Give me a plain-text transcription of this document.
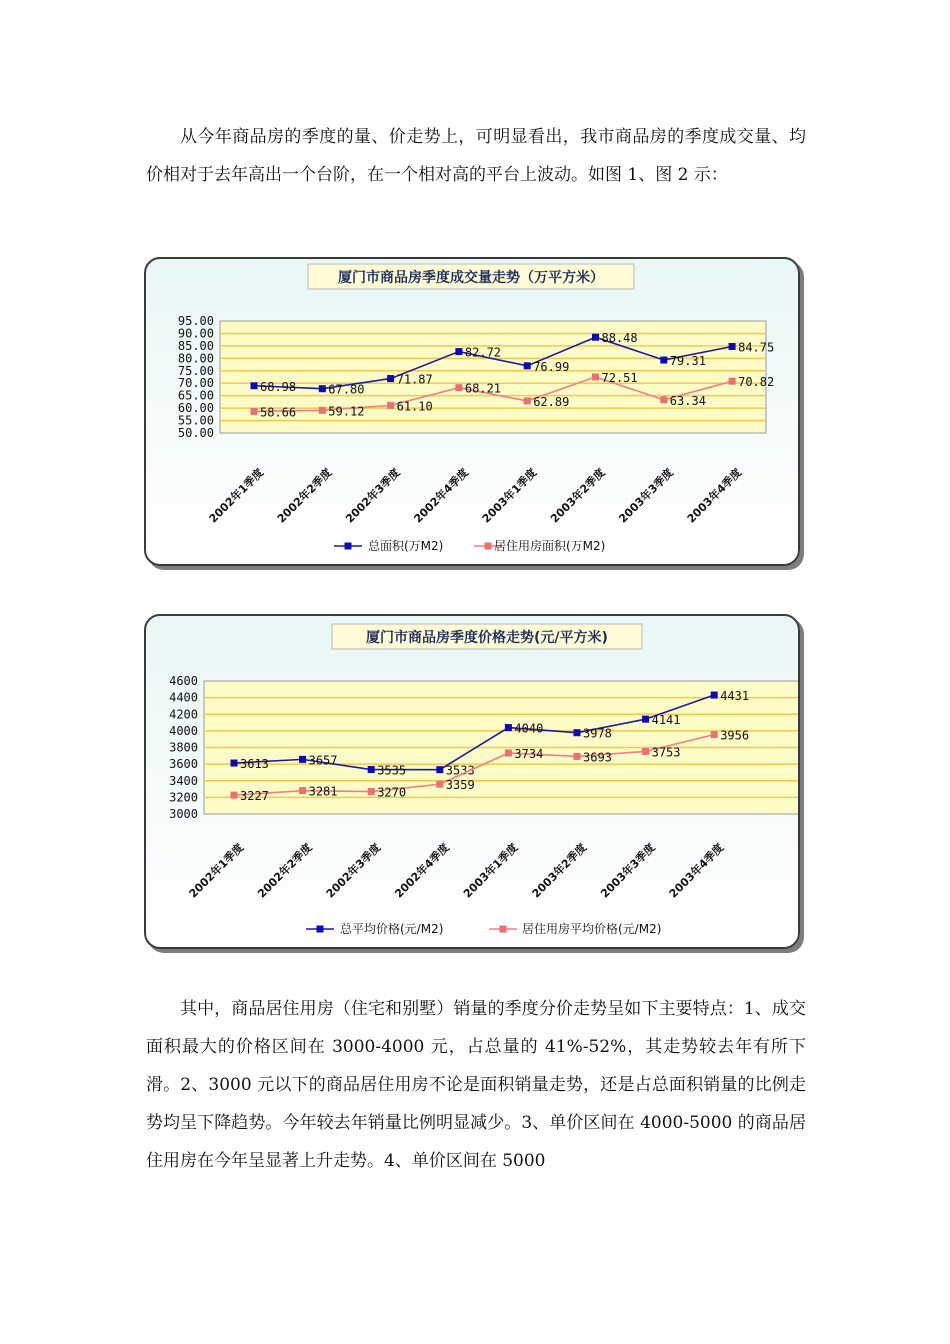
从今年商品房的季度的量、价走势上，可明显看出，我市商品房的季度成交量、均价相对于去年高出一个台阶，在一个相对高的平台上波动。如图 1、图 2 示：

厦门市商品房季度成交量走势（万平方米）
50.00
55.00
60.00
65.00
70.00
75.00
80.00
85.00
90.00
95.00
2002年1季度 2002年2季度 2002年3季度 2002年4季度 2003年1季度 2003年2季度 2003年3季度 2003年4季度
68.98	67.80
71.87
82.72
76.99
88.48
79.31
84.75
总面积(万M2)
58.66	59.12	61.10
68.21
62.89
72.51
63.34
70.82
居住用房面积(万M2)
厦门市商品房季度价格走势(元/平方米)
3000
3200
3400
3600
3800
4000
4200
4400
4600
2002年1季度 2002年2季度 2002年3季度 2002年4季度 2003年1季度 2003年2季度 2003年3季度 2003年4季度
3613	3657
3535	3533
4040	3978
4141
4431
总平均价格(元/M2)
3227	3281	3270
3359
3734	3693	3753
3956
居住用房平均价格(元/M2)

其中，商品居住用房（住宅和别墅）销量的季度分价走势呈如下主要特点：1、成交面积最大的价格区间在 3000-4000 元，占总量的 41%-52%，其走势较去年有所下滑。2、3000 元以下的商品居住用房不论是面积销量走势，还是占总面积销量的比例走势均呈下降趋势。今年较去年销量比例明显减少。3、单价区间在 4000-5000 的商品居住用房在今年呈显著上升走势。4、单价区间在 5000
